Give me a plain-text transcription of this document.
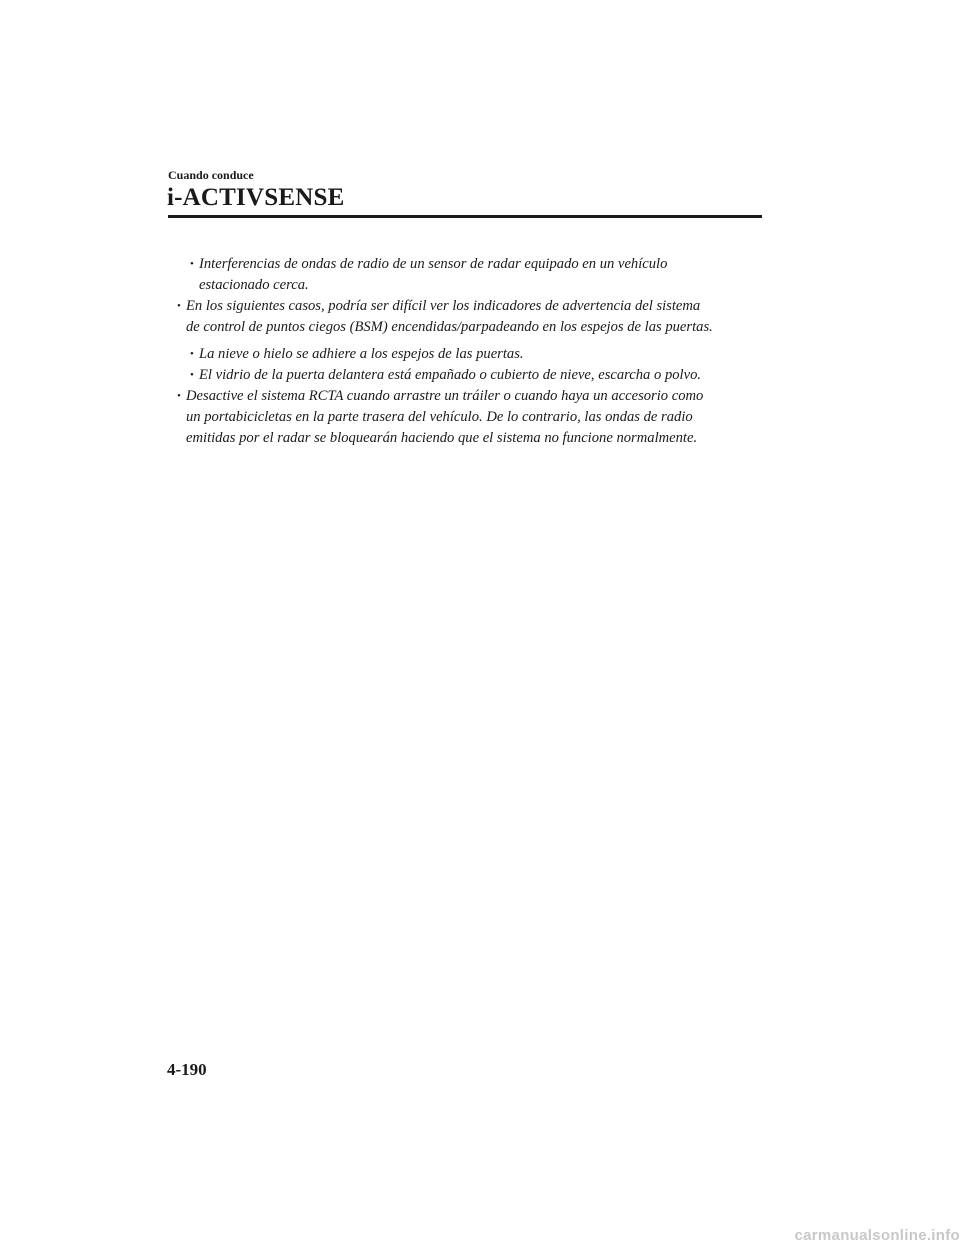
Cuando conduce
i-ACTIVSENSE
• Interferencias de ondas de radio de un sensor de radar equipado en un vehículo
estacionado cerca.
• En los siguientes casos, podría ser difícil ver los indicadores de advertencia del sistema
de control de puntos ciegos (BSM) encendidas/parpadeando en los espejos de las puertas.
• La nieve o hielo se adhiere a los espejos de las puertas.
• El vidrio de la puerta delantera está empañado o cubierto de nieve, escarcha o polvo.
• Desactive el sistema RCTA cuando arrastre un tráiler o cuando haya un accesorio como
un portabicicletas en la parte trasera del vehículo. De lo contrario, las ondas de radio
emitidas por el radar se bloquearán haciendo que el sistema no funcione normalmente.
4-190
carmanualsonline.info
